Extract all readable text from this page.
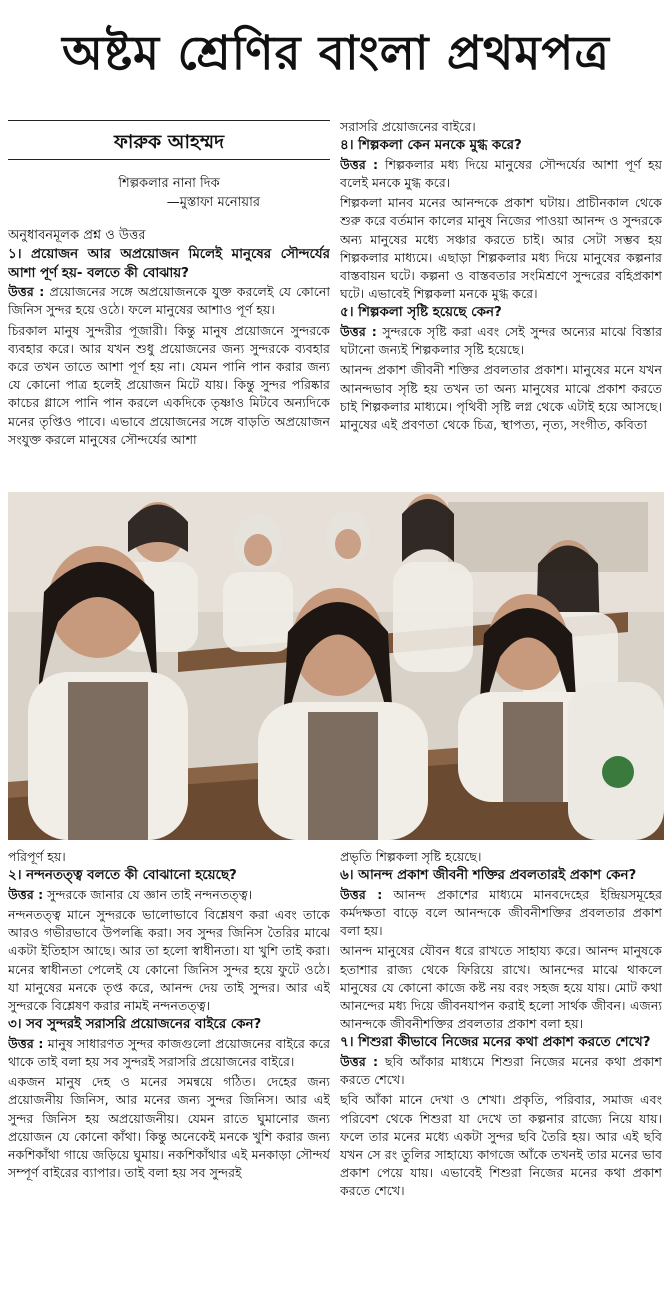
অষ্টম শ্রেণির বাংলা প্রথমপত্র
ফারুক আহম্মদ
শিল্পকলার নানা দিক
—মুস্তাফা মনোয়ার
অনুধাবনমূলক প্রশ্ন ও উত্তর

১। প্রয়োজন আর অপ্রয়োজন মিলেই মানুষের সৌন্দর্যের আশা পূর্ণ হয়- বলতে কী বোঝায়?

উত্তর : প্রয়োজনের সঙ্গে অপ্রয়োজনকে যুক্ত করলেই যে কোনো জিনিস সুন্দর হয়ে ওঠে। ফলে মানুষের আশাও পূর্ণ হয়।

চিরকাল মানুষ সুন্দরীর পূজারী। কিন্তু মানুষ প্রয়োজনে সুন্দরকে ব্যবহার করে। আর যখন শুধু প্রয়োজনের জন্য সুন্দরকে ব্যবহার করে তখন তাতে আশা পূর্ণ হয় না। যেমন পানি পান করার জন্য যে কোনো পাত্র হলেই প্রয়োজন মিটে যায়। কিন্তু সুন্দর পরিষ্কার কাচের গ্লাসে পানি পান করলে একদিকে তৃষ্ণাও মিটবে অন্যদিকে মনের তৃপ্তিও পাবে। এভাবে প্রয়োজনের সঙ্গে বাড়তি অপ্রয়োজন সংযুক্ত করলে মানুষের সৌন্দর্যের আশা

সরাসরি প্রয়োজনের বাইরে।

৪। শিল্পকলা কেন মনকে মুগ্ধ করে?

উত্তর : শিল্পকলার মধ্য দিয়ে মানুষের সৌন্দর্যের আশা পূর্ণ হয় বলেই মনকে মুগ্ধ করে।

শিল্পকলা মানব মনের আনন্দকে প্রকাশ ঘটায়। প্রাচীনকাল থেকে শুরু করে বর্তমান কালের মানুষ নিজের পাওয়া আনন্দ ও সুন্দরকে অন্য মানুষের মধ্যে সঞ্চার করতে চাই। আর সেটা সম্ভব হয় শিল্পকলার মাধ্যমে। এছাড়া শিল্পকলার মধ্য দিয়ে মানুষের কল্পনার বাস্তবায়ন ঘটে। কল্পনা ও বাস্তবতার সংমিশ্রণে সুন্দরের বহিপ্রকাশ ঘটে। এভাবেই শিল্পকলা মনকে মুগ্ধ করে।

৫। শিল্পকলা সৃষ্টি হয়েছে কেন?

উত্তর : সুন্দরকে সৃষ্টি করা এবং সেই সুন্দর অন্যের মাঝে বিস্তার ঘটানো জন্যই শিল্পকলার সৃষ্টি হয়েছে।

আনন্দ প্রকাশ জীবনী শক্তির প্রবলতার প্রকাশ। মানুষের মনে যখন আনন্দভাব সৃষ্টি হয় তখন তা অন্য মানুষের মাঝে প্রকাশ করতে চাই শিল্পকলার মাধ্যমে। পৃথিবী সৃষ্টি লগ্ন থেকে এটাই হয়ে আসছে। মানুষের এই প্রবণতা থেকে চিত্র, স্থাপত্য, নৃত্য, সংগীত, কবিতা

পরিপূর্ণ হয়।

২। নন্দনতত্ত্ব বলতে কী বোঝানো হয়েছে?

উত্তর : সুন্দরকে জানার যে জ্ঞান তাই নন্দনতত্ত্ব।

নন্দনতত্ত্ব মানে সুন্দরকে ভালোভাবে বিশ্লেষণ করা এবং তাকে আরও গভীরভাবে উপলব্ধি করা। সব সুন্দর জিনিস তৈরির মাঝে একটা ইতিহাস আছে। আর তা হলো স্বাধীনতা। যা খুশি তাই করা। মনের স্বাধীনতা পেলেই যে কোনো জিনিস সুন্দর হয়ে ফুটে ওঠে। যা মানুষের মনকে তৃপ্ত করে, আনন্দ দেয় তাই সুন্দর। আর এই সুন্দরকে বিশ্লেষণ করার নামই নন্দনতত্ত্ব।

৩। সব সুন্দরই সরাসরি প্রয়োজনের বাইরে কেন?

উত্তর : মানুষ সাধারণত সুন্দর কাজগুলো প্রয়োজনের বাইরে করে থাকে তাই বলা হয় সব সুন্দরই সরাসরি প্রয়োজনের বাইরে।

একজন মানুষ দেহ ও মনের সমন্বয়ে গঠিত। দেহের জন্য প্রয়োজনীয় জিনিস, আর মনের জন্য সুন্দর জিনিস। আর এই সুন্দর জিনিস হয় অপ্রয়োজনীয়। যেমন রাতে ঘুমানোর জন্য প্রয়োজন যে কোনো কাঁথা। কিন্তু অনেকেই মনকে খুশি করার জন্য নকশিকাঁথা গায়ে জড়িয়ে ঘুমায়। নকশিকাঁথার এই মনকাড়া সৌন্দর্য সম্পূর্ণ বাইরের ব্যাপার। তাই বলা হয় সব সুন্দরই

প্রভৃতি শিল্পকলা সৃষ্টি হয়েছে।

৬। আনন্দ প্রকাশ জীবনী শক্তির প্রবলতারই প্রকাশ কেন?

উত্তর : আনন্দ প্রকাশের মাধ্যমে মানবদেহের ইন্দ্রিয়সমূহের কর্মদক্ষতা বাড়ে বলে আনন্দকে জীবনীশক্তির প্রবলতার প্রকাশ বলা হয়।

আনন্দ মানুষের যৌবন ধরে রাখতে সাহায্য করে। আনন্দ মানুষকে হতাশার রাজ্য থেকে ফিরিয়ে রাখে। আনন্দের মাঝে থাকলে মানুষের যে কোনো কাজে কষ্ট নয় বরং সহজ হয়ে যায়। মোট কথা আনন্দের মধ্য দিয়ে জীবনযাপন করাই হলো সার্থক জীবন। এজন্য আনন্দকে জীবনীশক্তির প্রবলতার প্রকাশ বলা হয়।

৭। শিশুরা কীভাবে নিজের মনের কথা প্রকাশ করতে শেখে?

উত্তর : ছবি আঁকার মাধ্যমে শিশুরা নিজের মনের কথা প্রকাশ করতে শেখে।

ছবি আঁকা মানে দেখা ও শেখা। প্রকৃতি, পরিবার, সমাজ এবং পরিবেশ থেকে শিশুরা যা দেখে তা কল্পনার রাজ্যে নিয়ে যায়। ফলে তার মনের মধ্যে একটা সুন্দর ছবি তৈরি হয়। আর এই ছবি যখন সে রং তুলির সাহায্যে কাগজে আঁকে তখনই তার মনের ভাব প্রকাশ পেয়ে যায়। এভাবেই শিশুরা নিজের মনের কথা প্রকাশ করতে শেখে।
